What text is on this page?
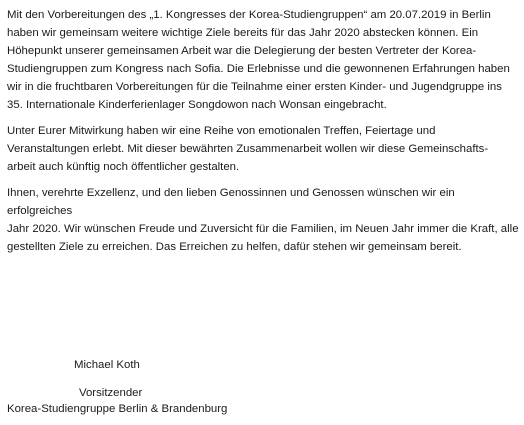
Mit den Vorbereitungen des „1. Kongresses der Korea-Studiengruppen“ am 20.07.2019 in Berlin
haben wir gemeinsam weitere wichtige Ziele bereits für das Jahr 2020 abstecken können. Ein
Höhepunkt unserer gemeinsamen Arbeit war die Delegierung der besten Vertreter der Korea-
Studiengruppen zum Kongress nach Sofia. Die Erlebnisse und die gewonnenen Erfahrungen haben
wir in die fruchtbaren Vorbereitungen für die Teilnahme einer ersten Kinder- und Jugendgruppe ins
35. Internationale Kinderferienlager Songdowon nach Wonsan eingebracht.

Unter Eurer Mitwirkung haben wir eine Reihe von emotionalen Treffen, Feiertage und
Veranstaltungen erlebt. Mit dieser bewährten Zusammenarbeit wollen wir diese Gemeinschafts-
arbeit auch künftig noch öffentlicher gestalten.

Ihnen, verehrte Exzellenz, und den lieben Genossinnen und Genossen wünschen wir ein erfolgreiches
Jahr 2020. Wir wünschen Freude und Zuversicht für die Familien, im Neuen Jahr immer die Kraft, alle
gestellten Ziele zu erreichen. Das Erreichen zu helfen, dafür stehen wir gemeinsam bereit.

Michael Koth

Vorsitzender

Korea-Studiengruppe Berlin & Brandenburg
